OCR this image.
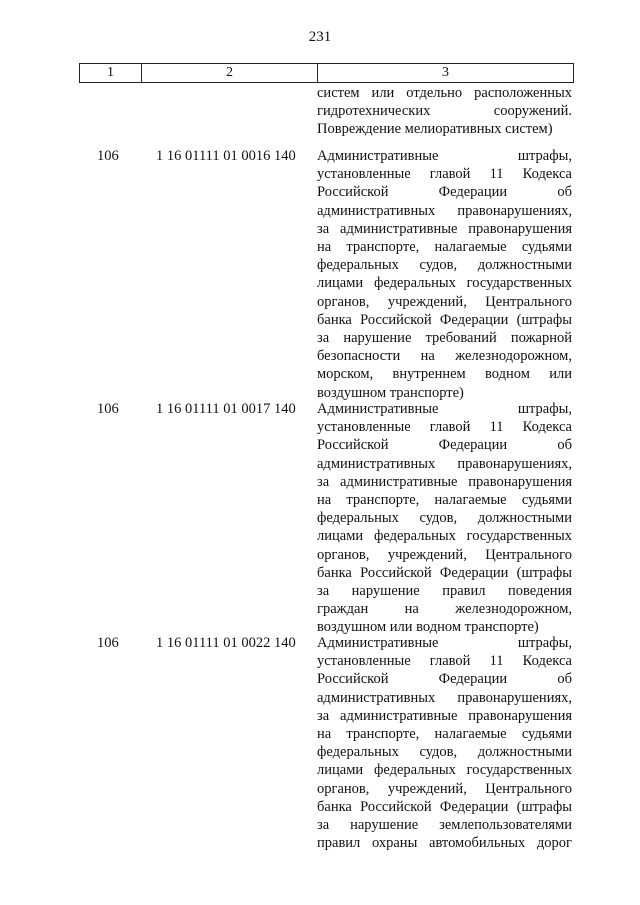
231
1	2	3
систем или отдельно расположенных
гидротехнических сооружений.
Повреждение мелиоративных систем)
106	1 16 01111 01 0016 140 Административные штрафы,
установленные главой 11 Кодекса
Российской Федерации об
административных правонарушениях,
за административные правонарушения
на транспорте, налагаемые судьями
федеральных судов, должностными
лицами федеральных государственных
органов, учреждений, Центрального
банка Российской Федерации (штрафы
за нарушение требований пожарной
безопасности на железнодорожном,
морском, внутреннем водном или
воздушном транспорте)
106	1 16 01111 01 0017 140 Административные штрафы,
установленные главой 11 Кодекса
Российской Федерации об
административных правонарушениях,
за административные правонарушения
на транспорте, налагаемые судьями
федеральных судов, должностными
лицами федеральных государственных
органов, учреждений, Центрального
банка Российской Федерации (штрафы
за нарушение правил поведения
граждан на железнодорожном,
воздушном или водном транспорте)
106	1 16 01111 01 0022 140 Административные штрафы,
установленные главой 11 Кодекса
Российской Федерации об
административных правонарушениях,
за административные правонарушения
на транспорте, налагаемые судьями
федеральных судов, должностными
лицами федеральных государственных
органов, учреждений, Центрального
банка Российской Федерации (штрафы
за нарушение землепользователями
правил охраны автомобильных дорог
